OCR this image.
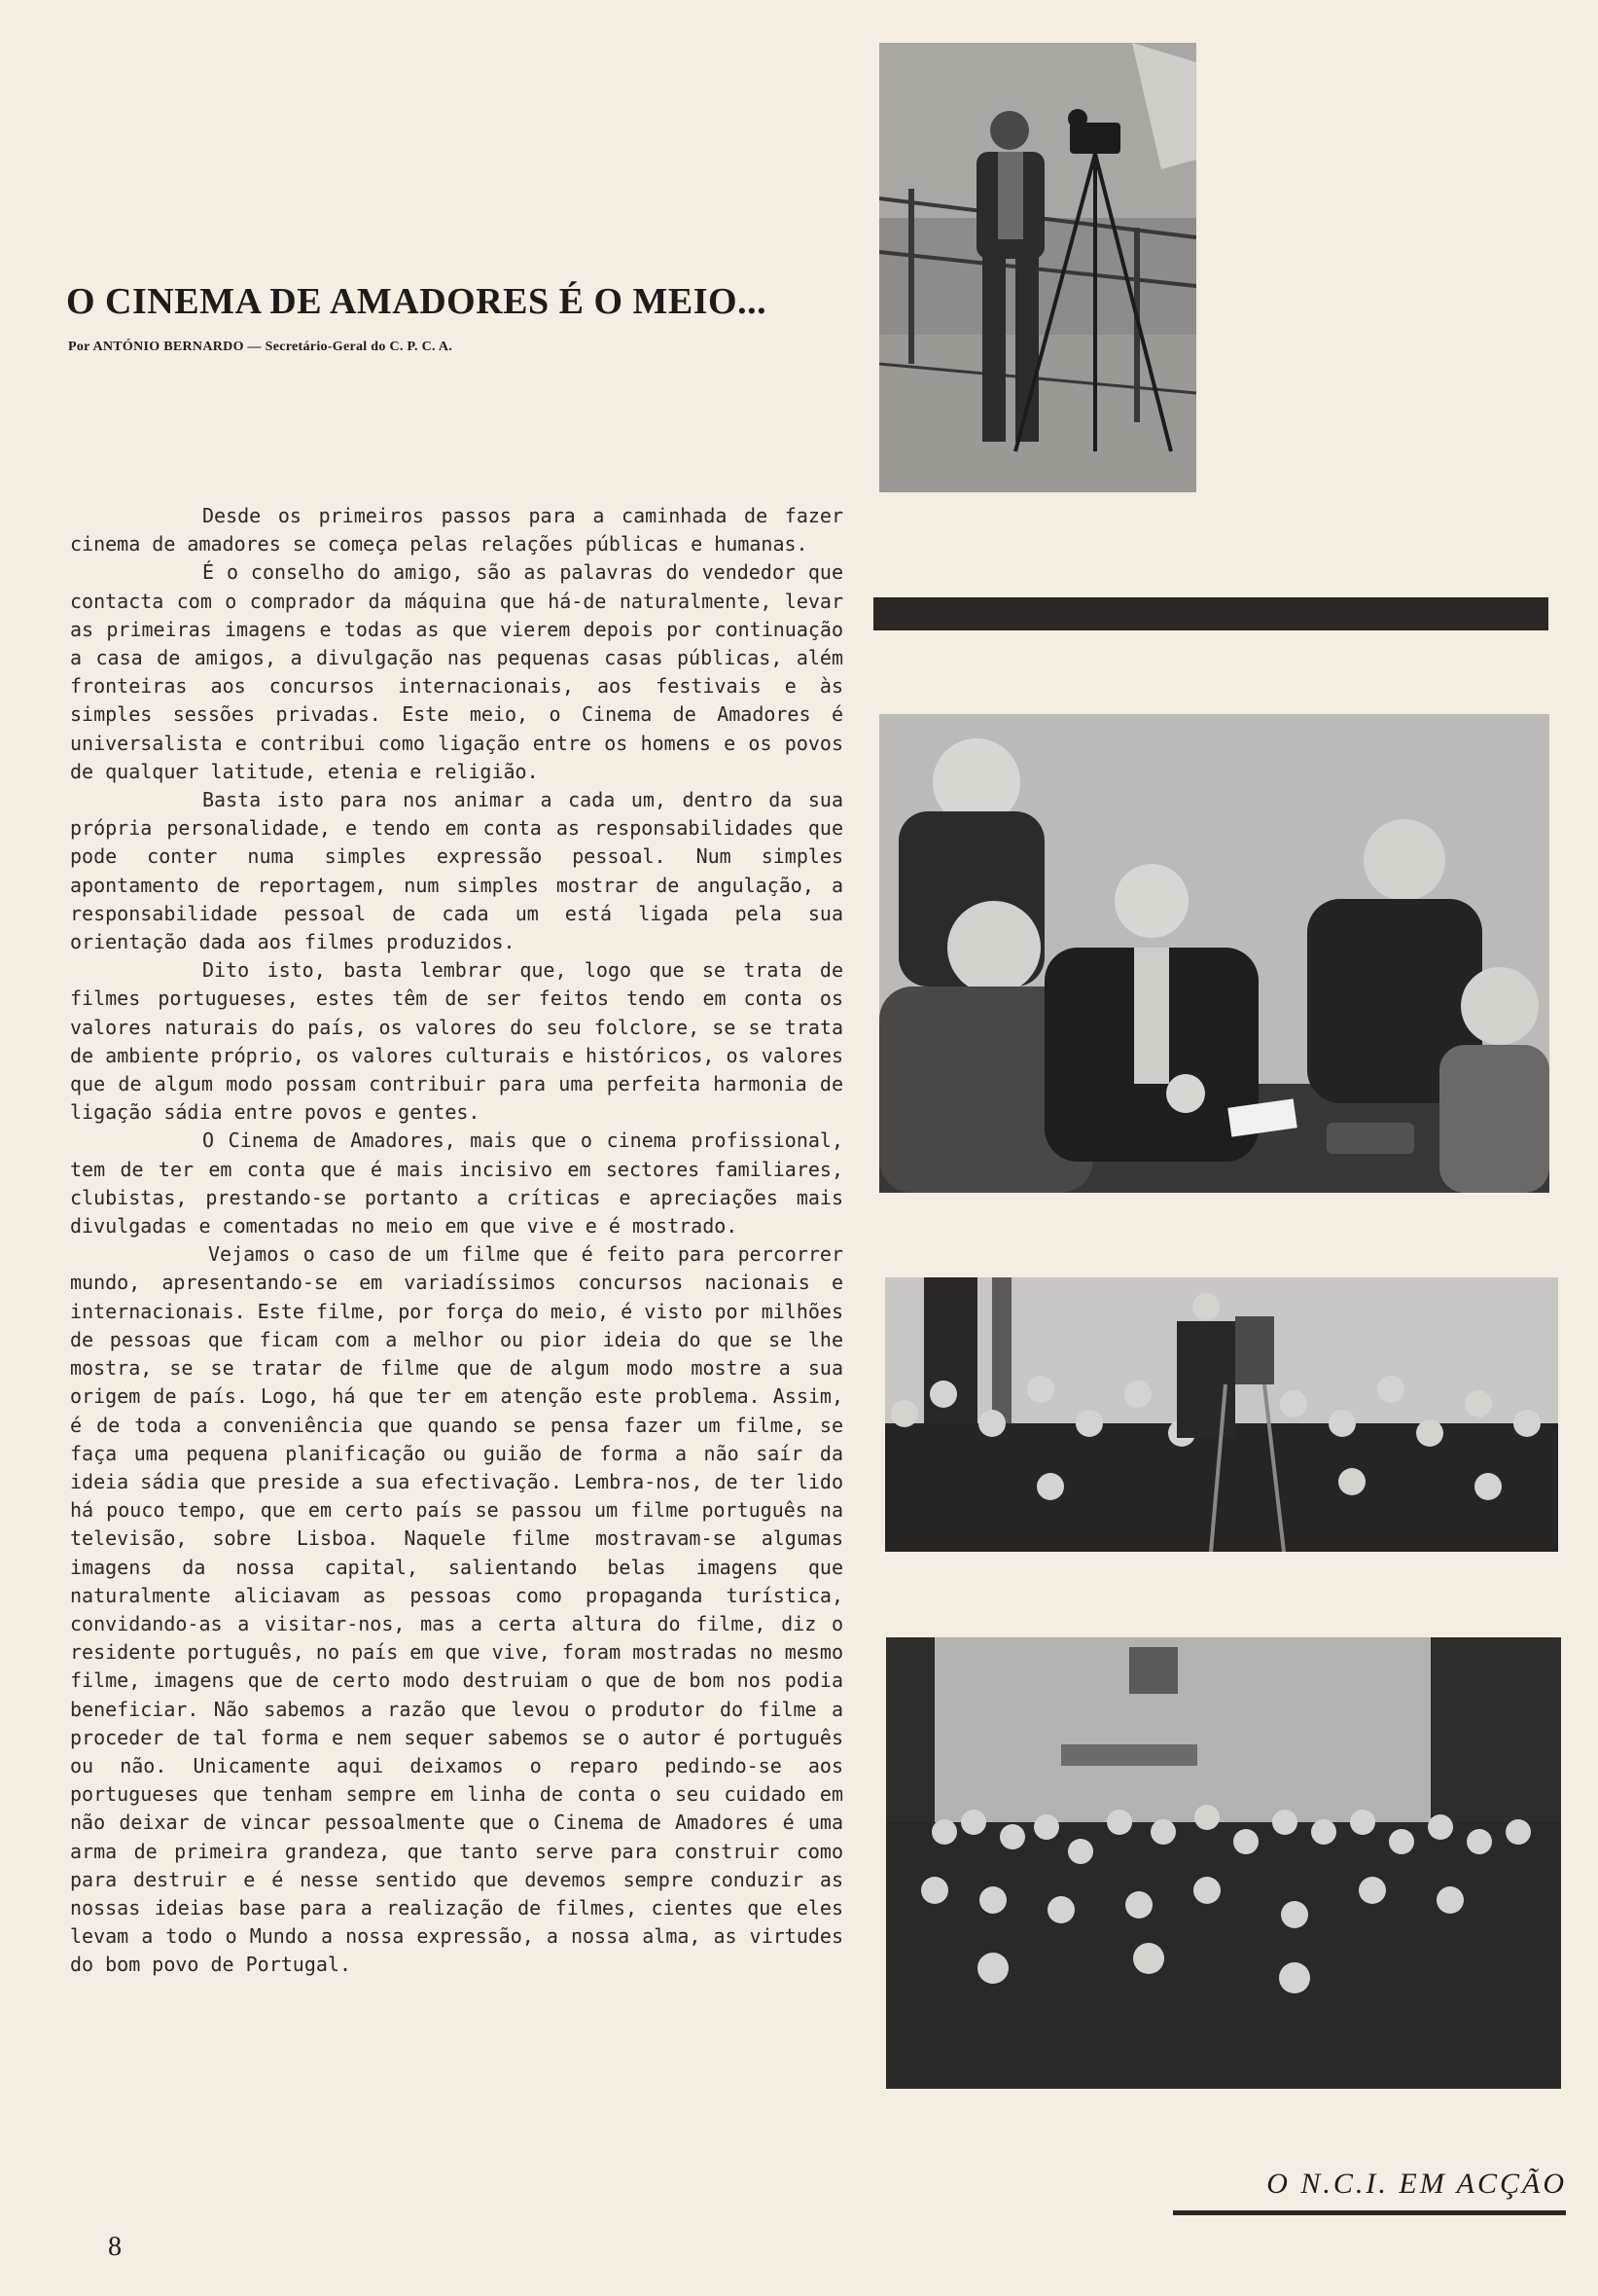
O CINEMA DE AMADORES É O MEIO...
Por ANTÓNIO BERNARDO — Secretário-Geral do C. P. C. A.

Desde os primeiros passos para a caminhada de fazer cinema de amadores se começa pelas relações públicas e humanas.

É o conselho do amigo, são as palavras do vendedor que contacta com o comprador da máquina que há-de naturalmente, levar as primeiras imagens e todas as que vierem depois por continuação a casa de amigos, a divulgação nas pequenas casas públicas, além fronteiras aos concursos internacionais, aos festivais e às simples sessões privadas. Este meio, o Cinema de Amadores é universalista e contribui como ligação entre os homens e os povos de qualquer latitude, etenia e religião.

Basta isto para nos animar a cada um, dentro da sua própria personalidade, e tendo em conta as responsabilidades que pode conter numa simples expressão pessoal. Num simples apontamento de reportagem, num simples mostrar de angulação, a responsabilidade pessoal de cada um está ligada pela sua orientação dada aos filmes produzidos.

Dito isto, basta lembrar que, logo que se trata de filmes portugueses, estes têm de ser feitos tendo em conta os valores naturais do país, os valores do seu folclore, se se trata de ambiente próprio, os valores culturais e históricos, os valores que de algum modo possam contribuir para uma perfeita harmonia de ligação sádia entre povos e gentes.

O Cinema de Amadores, mais que o cinema profissional, tem de ter em conta que é mais incisivo em sectores familiares, clubistas, prestando-se portanto a críticas e apreciações mais divulgadas e comentadas no meio em que vive e é mostrado.

Vejamos o caso de um filme que é feito para percorrer mundo, apresentando-se em variadíssimos concursos nacionais e internacionais. Este filme, por força do meio, é visto por milhões de pessoas que ficam com a melhor ou pior ideia do que se lhe mostra, se se tratar de filme que de algum modo mostre a sua origem de país. Logo, há que ter em atenção este problema. Assim, é de toda a conveniência que quando se pensa fazer um filme, se faça uma pequena planificação ou guião de forma a não saír da ideia sádia que preside a sua efectivação. Lembra-nos, de ter lido há pouco tempo, que em certo país se passou um filme português na televisão, sobre Lisboa. Naquele filme mostravam-se algumas imagens da nossa capital, salientando belas imagens que naturalmente aliciavam as pessoas como propaganda turística, convidando-as a visitar-nos, mas a certa altura do filme, diz o residente português, no país em que vive, foram mostradas no mesmo filme, imagens que de certo modo destruiam o que de bom nos podia beneficiar. Não sabemos a razão que levou o produtor do filme a proceder de tal forma e nem sequer sabemos se o autor é português ou não. Unicamente aqui deixamos o reparo pedindo-se aos portugueses que tenham sempre em linha de conta o seu cuidado em não deixar de vincar pessoalmente que o Cinema de Amadores é uma arma de primeira grandeza, que tanto serve para construir como para destruir e é nesse sentido que devemos sempre conduzir as nossas ideias base para a realização de filmes, cientes que eles levam a todo o Mundo a nossa expressão, a nossa alma, as virtudes do bom povo de Portugal.

O N.C.I. EM ACÇÃO
8
